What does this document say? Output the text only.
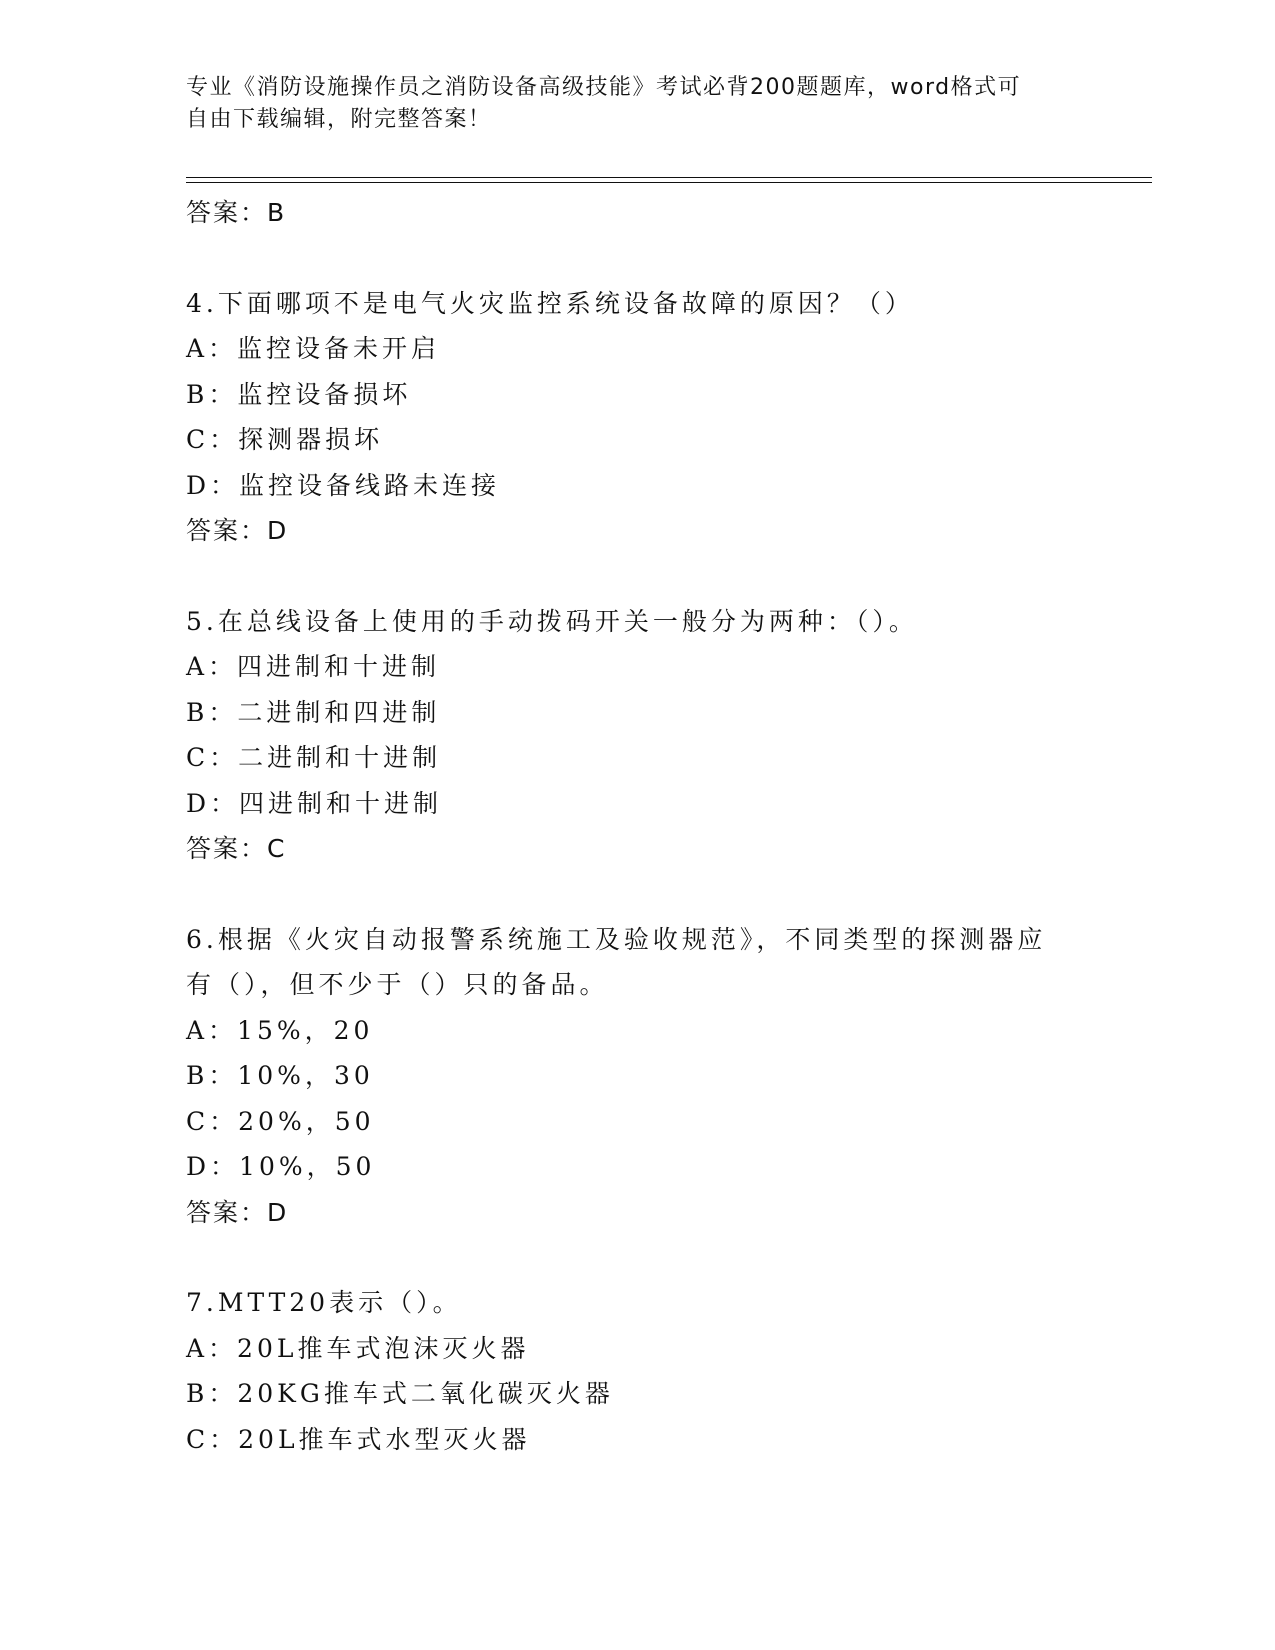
专业《消防设施操作员之消防设备高级技能》考试必背200题题库，word格式可
自由下载编辑，附完整答案！
答案：B
4.下面哪项不是电气火灾监控系统设备故障的原因？（）
A：监控设备未开启
B：监控设备损坏
C：探测器损坏
D：监控设备线路未连接
答案：D
5.在总线设备上使用的手动拨码开关一般分为两种：（）。
A：四进制和十进制
B：二进制和四进制
C：二进制和十进制
D：四进制和十进制
答案：C
6.根据《火灾自动报警系统施工及验收规范》，不同类型的探测器应
有（），但不少于（）只的备品。
A：15%，20
B：10%，30
C：20%，50
D：10%，50
答案：D
7.MTT20表示（）。
A：20L推车式泡沫灭火器
B：20KG推车式二氧化碳灭火器
C：20L推车式水型灭火器
